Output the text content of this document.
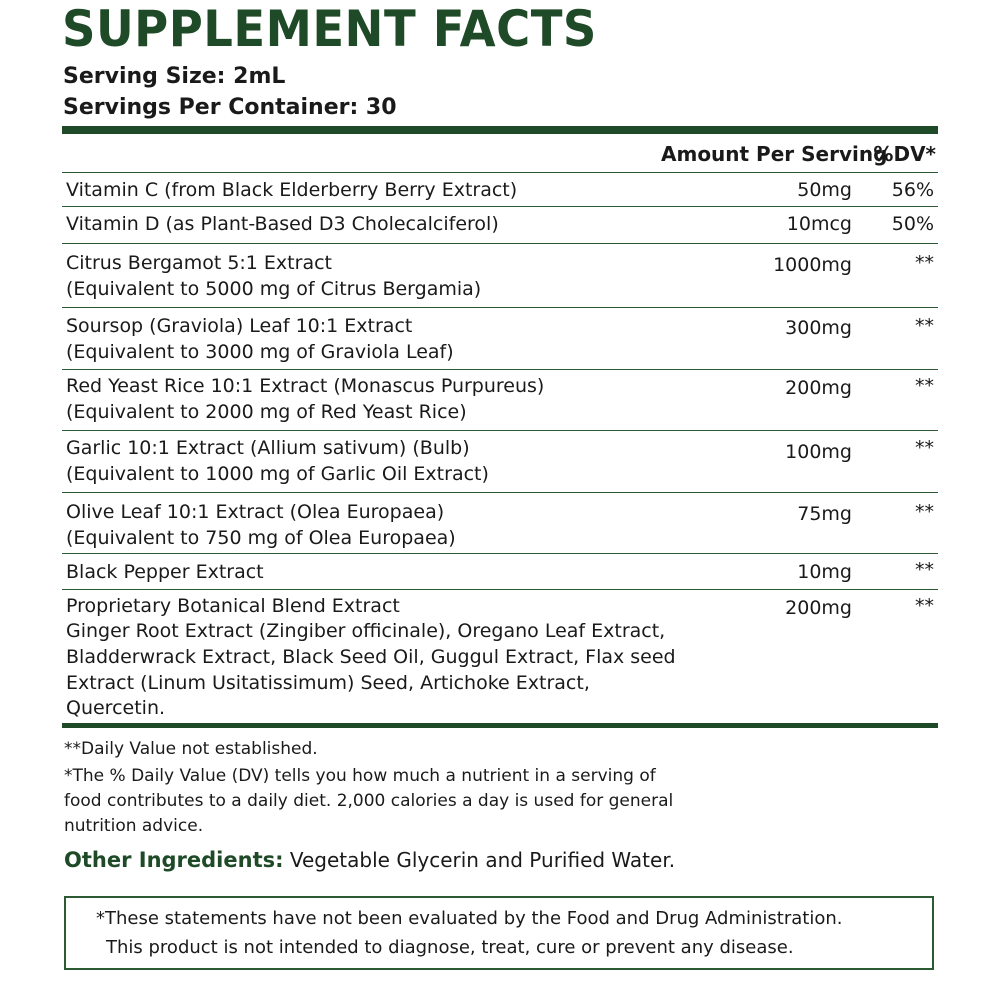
SUPPLEMENT FACTS
Serving Size: 2mL
Servings Per Container: 30
Amount Per Serving
%DV*
Vitamin C (from Black Elderberry Berry Extract)	50mg 56%
Vitamin D (as Plant-Based D3 Cholecalciferol)	10mcg 50%
Citrus Bergamot 5:1 Extract
(Equivalent to 5000 mg of Citrus Bergamia)
1000mg	**
Soursop (Graviola) Leaf 10:1 Extract
(Equivalent to 3000 mg of Graviola Leaf)
300mg	**
Red Yeast Rice 10:1 Extract (Monascus Purpureus)
(Equivalent to 2000 mg of Red Yeast Rice)
200mg	**
Garlic 10:1 Extract (Allium sativum) (Bulb)
(Equivalent to 1000 mg of Garlic Oil Extract)
100mg	**
Olive Leaf 10:1 Extract (Olea Europaea)
(Equivalent to 750 mg of Olea Europaea)
75mg	**
Black Pepper Extract	10mg	**
Proprietary Botanical Blend Extract
Ginger Root Extract (Zingiber officinale), Oregano Leaf Extract,
Bladderwrack Extract, Black Seed Oil, Guggul Extract, Flax seed
Extract (Linum Usitatissimum) Seed, Artichoke Extract,
Quercetin.
200mg	**
**Daily Value not established.
*The % Daily Value (DV) tells you how much a nutrient in a serving of
food contributes to a daily diet. 2,000 calories a day is used for general
nutrition advice.
Other Ingredients: Vegetable Glycerin and Purified Water.
*These statements have not been evaluated by the Food and Drug Administration.
This product is not intended to diagnose, treat, cure or prevent any disease.
